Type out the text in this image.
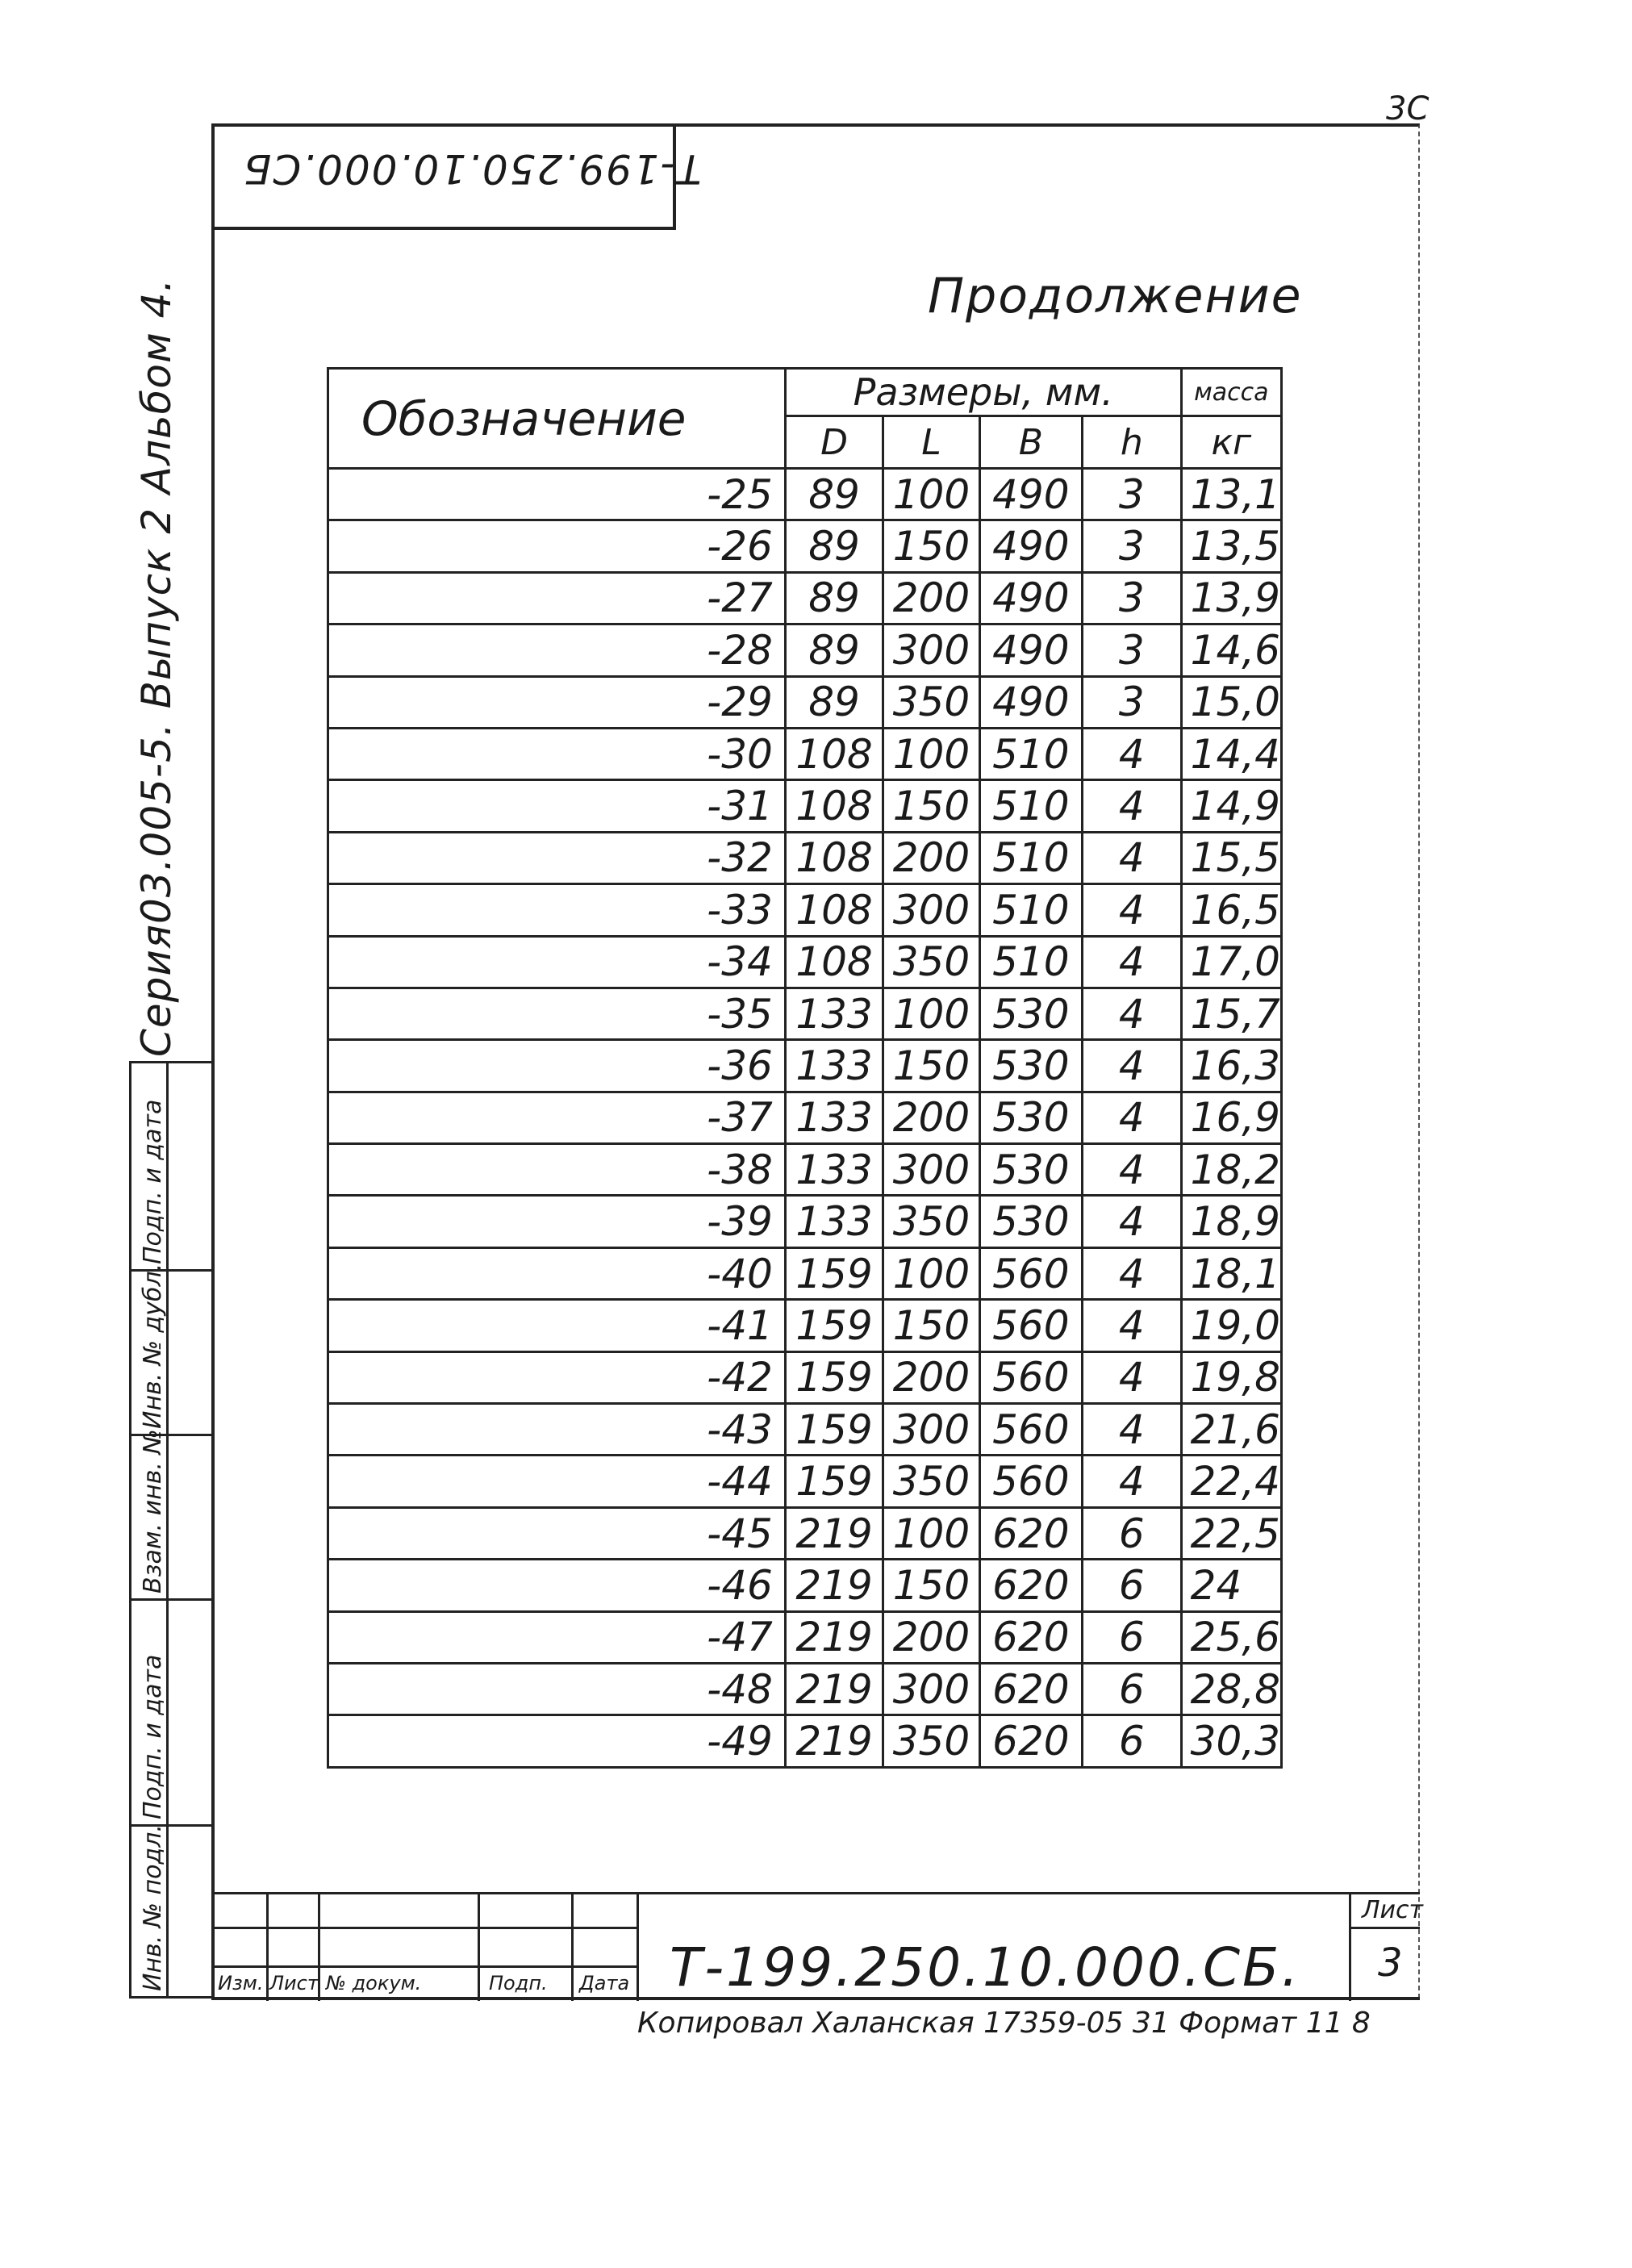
3С
Т-199.250.10.000.СБ
Продолжение
Серия03.005-5. Выпуск 2 Альбом 4.
Подп. и дата
Инв. № дубл.
Взам. инв. №
Подп. и дата
Инв. № подл.
Обозначение	Размеры, мм.				масса
	D	L	B	h	кг
-25	89	100	490	3	13,1
-26	89	150	490	3	13,5
-27	89	200	490	3	13,9
-28	89	300	490	3	14,6
-29	89	350	490	3	15,0
-30	108	100	510	4	14,4
-31	108	150	510	4	14,9
-32	108	200	510	4	15,5
-33	108	300	510	4	16,5
-34	108	350	510	4	17,0
-35	133	100	530	4	15,7
-36	133	150	530	4	16,3
-37	133	200	530	4	16,9
-38	133	300	530	4	18,2
-39	133	350	530	4	18,9
-40	159	100	560	4	18,1
-41	159	150	560	4	19,0
-42	159	200	560	4	19,8
-43	159	300	560	4	21,6
-44	159	350	560	4	22,4
-45	219	100	620	6	22,5
-46	219	150	620	6	24
-47	219	200	620	6	25,6
-48	219	300	620	6	28,8
-49	219	350	620	6	30,3
Изм. Лист № докум.	Подп. Дата Т-199.250.10.000.СБ.
Лист
3
Копировал Халанская 17359-05 31 Формат 11 8
